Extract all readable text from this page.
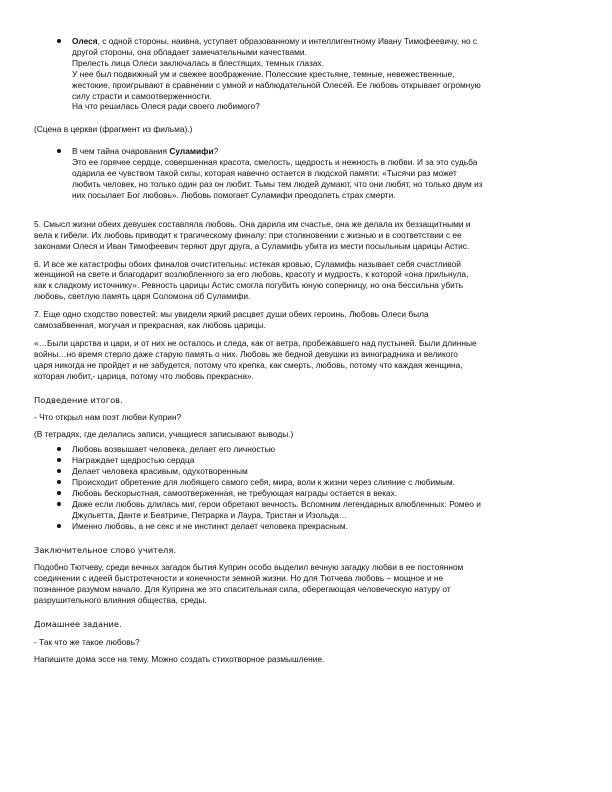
Олеся, с одной стороны, наивна, уступает образованному и интеллигентному Ивану Тимофеевичу, но с
другой стороны, она обладает замечательными качествами.
Прелесть лица Олеси заключалась в блестящих, темных глазах.
У нее был подвижный ум и свежее воображение. Полесские крестьяне, темные, невежественные,
жестокие, проигрывают в сравнении с умной и наблюдательной Олесей. Ее любовь открывает огромную
силу страсти и самоотверженности.
На что решилась Олеся ради своего любимого?

(Сцена в церкви (фрагмент из фильма).)

В чем тайна очарования Суламифи?
Это ее горячее сердце, совершенная красота, смелость, щедрость и нежность в любви. И за это судьба
одарила ее чувством такой силы, которая навечно остается в людской памяти: «Тысячи раз может
любить человек, но только один раз он любит. Тьмы тем людей думают, что они любят, но только двум из
них посылает Бог любовь». Любовь помогает Суламифи преодолеть страх смерти.
5. Смысл жизни обеих девушек составляла любовь. Она дарила им счастье, она же делала их беззащитными и
вела к гибели. Их любовь приводит к трагическому финалу: при столкновении с жизнью и в соответствии с ее
законами Олеся и Иван Тимофеевич теряют друг друга, а Суламифь убита из мести посыльным царицы Астис.
6. И все же катастрофы обоих финалов очистительны: истекая кровью, Суламифь называет себя счастливой
женщиной на свете и благодарит возлюбленного за его любовь, красоту и мудрость, к которой «она прильнула,
как к сладкому источнику». Ревность царицы Астис смогла погубить юную соперницу, но она бессильна убить
любовь, светлую память царя Соломона об Суламифи.
7. Еще одно сходство повестей: мы увидели яркий расцвет души обеих героинь. Любовь Олеси была
самозабвенная, могучая и прекрасная, как любовь царицы.
«…Были царства и цари, и от них не осталось и следа, как от ветра, пробежавшего над пустыней. Были длинные
войны…но время стерло даже старую память о них. Любовь же бедной девушки из виноградника и великого
царя никогда не пройдет и не забудется, потому что крепка, как смерть, любовь, потому что каждая женщина,
которая любит,- царица, потому что любовь прекрасна».
Подведение итогов.
- Что открыл нам поэт любви Куприн?
(В тетрадях, где делались записи, учащиеся записывают выводы.)
Любовь возвышает человека, делает его личностью
Награждает щедростью сердца
Делает человека красивым, одухотворенным
Происходит обретение для любящего самого себя, мира, воли к жизни через слияние с любимым.
Любовь бескорыстная, самоотверженная, не требующая награды остается в веках.
Даже если любовь длилась миг, герои обретают вечность. Вспомним легендарных влюбленных: Ромео и
Джульетта, Данте и Беатриче, Петрарка и Лаура, Тристан и Изольда…
Именно любовь, а не секс и не инстинкт делает человека прекрасным.
Заключительное слово учителя.
Подобно Тютчеву, среди вечных загадок бытия Куприн особо выделил вечную загадку любви в ее постоянном
соединении с идеей быстротечности и конечности земной жизни. Но для Тютчева любовь – мощное и не
познанное разумом начало. Для Куприна же это спасительная сила, оберегающая человеческую натуру от
разрушительного влияния общества, среды.
Домашнее задание.
- Так что же такое любовь?
Напишите дома эссе на тему. Можно создать стихотворное размышление.
